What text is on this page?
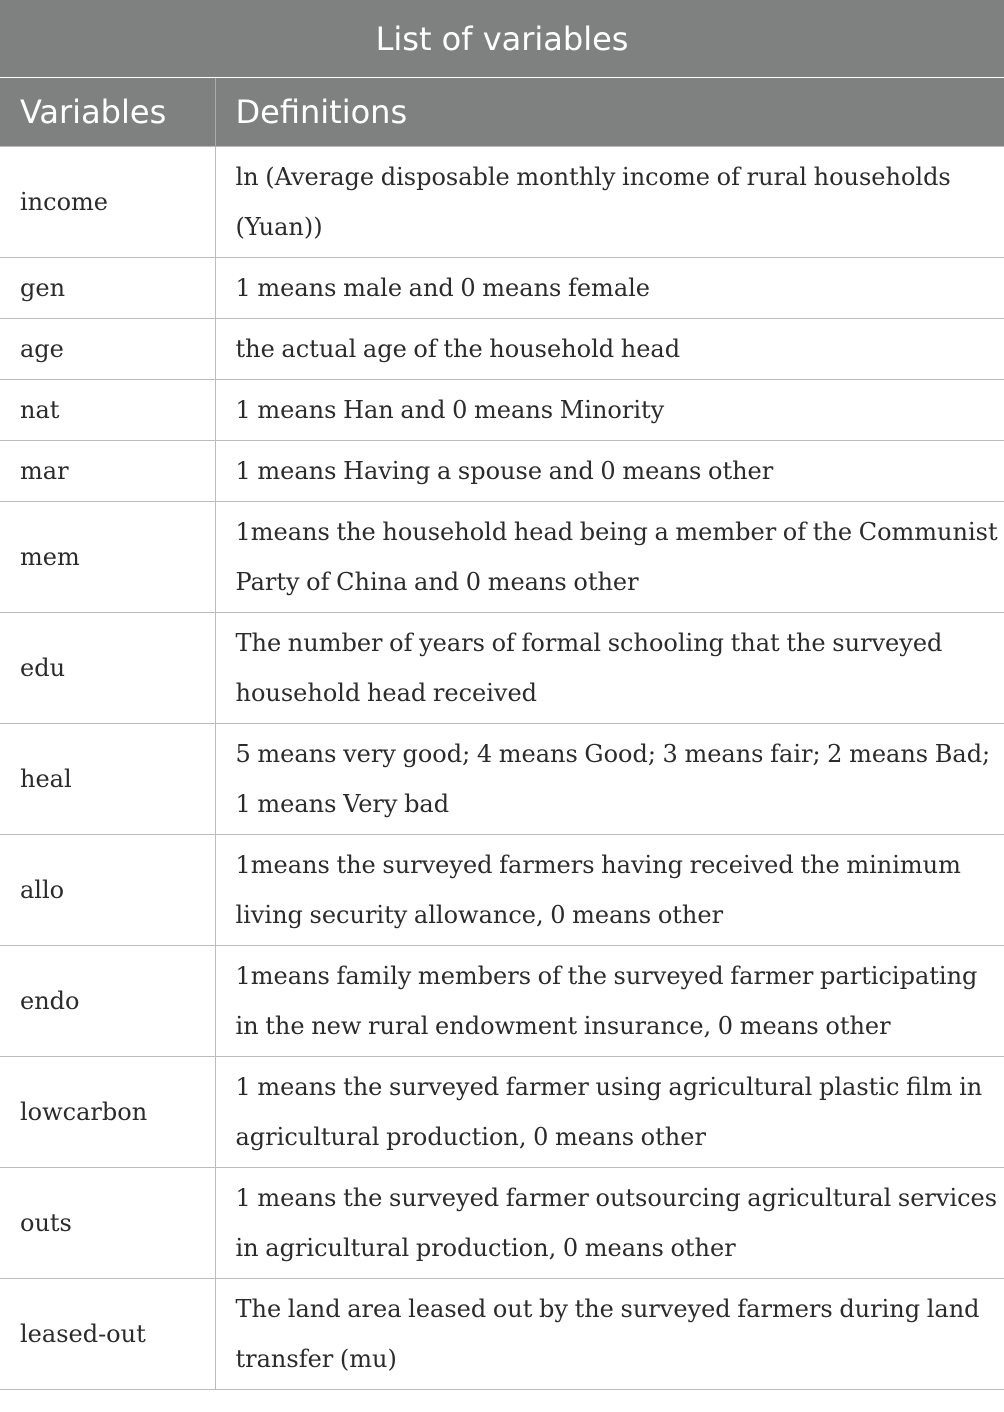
List of variables	
Variables	Definitions
income	ln (Average disposable monthly income of rural households (Yuan))
gen	1 means male and 0 means female
age	the actual age of the household head
nat	1 means Han and 0 means Minority
mar	1 means Having a spouse and 0 means other
mem	1means the household head being a member of the Communist Party of China and 0 means other
edu	The number of years of formal schooling that the surveyed household head received
heal	5 means very good; 4 means Good; 3 means fair; 2 means Bad; 1 means Very bad
allo	1means the surveyed farmers having received the minimum living security allowance, 0 means other
endo	1means family members of the surveyed farmer participating in the new rural endowment insurance, 0 means other
lowcarbon	1 means the surveyed farmer using agricultural plastic film in agricultural production, 0 means other
outs	1 means the surveyed farmer outsourcing agricultural services in agricultural production, 0 means other
leased-out	The land area leased out by the surveyed farmers during land transfer (mu)
